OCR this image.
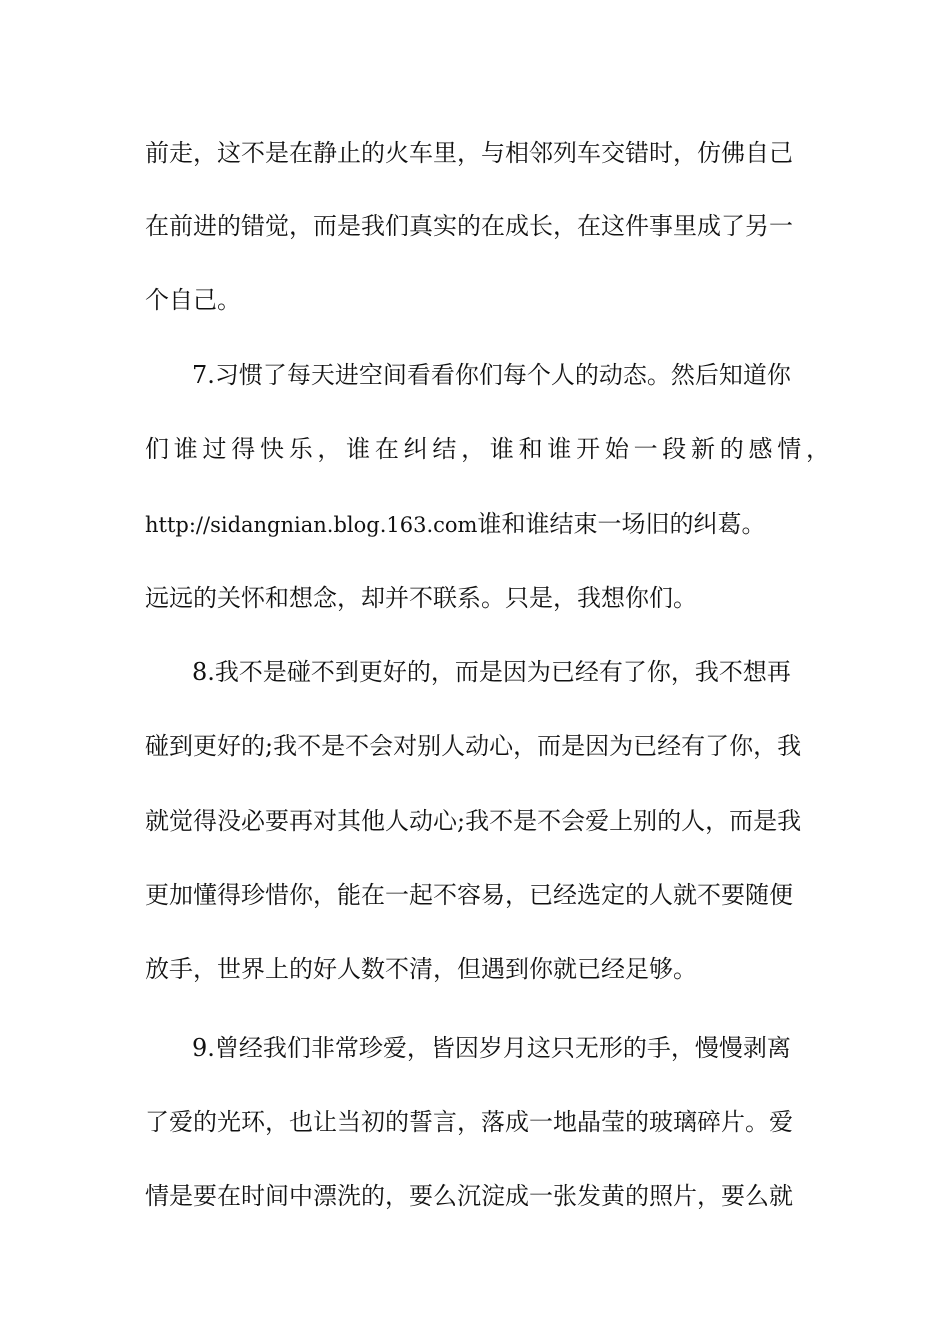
前走，这不是在静止的火车里，与相邻列车交错时，仿佛自己
在前进的错觉，而是我们真实的在成长，在这件事里成了另一
个自己。
7.习惯了每天进空间看看你们每个人的动态。然后知道你
们谁过得快乐，谁在纠结，谁和谁开始一段新的感情，
http://sidangnian.blog.163.com谁和谁结束一场旧的纠葛。
远远的关怀和想念，却并不联系。只是，我想你们。
8.我不是碰不到更好的，而是因为已经有了你，我不想再
碰到更好的;我不是不会对别人动心，而是因为已经有了你，我
就觉得没必要再对其他人动心;我不是不会爱上别的人，而是我
更加懂得珍惜你，能在一起不容易，已经选定的人就不要随便
放手，世界上的好人数不清，但遇到你就已经足够。
9.曾经我们非常珍爱，皆因岁月这只无形的手，慢慢剥离
了爱的光环，也让当初的誓言，落成一地晶莹的玻璃碎片。爱
情是要在时间中漂洗的，要么沉淀成一张发黄的照片，要么就
